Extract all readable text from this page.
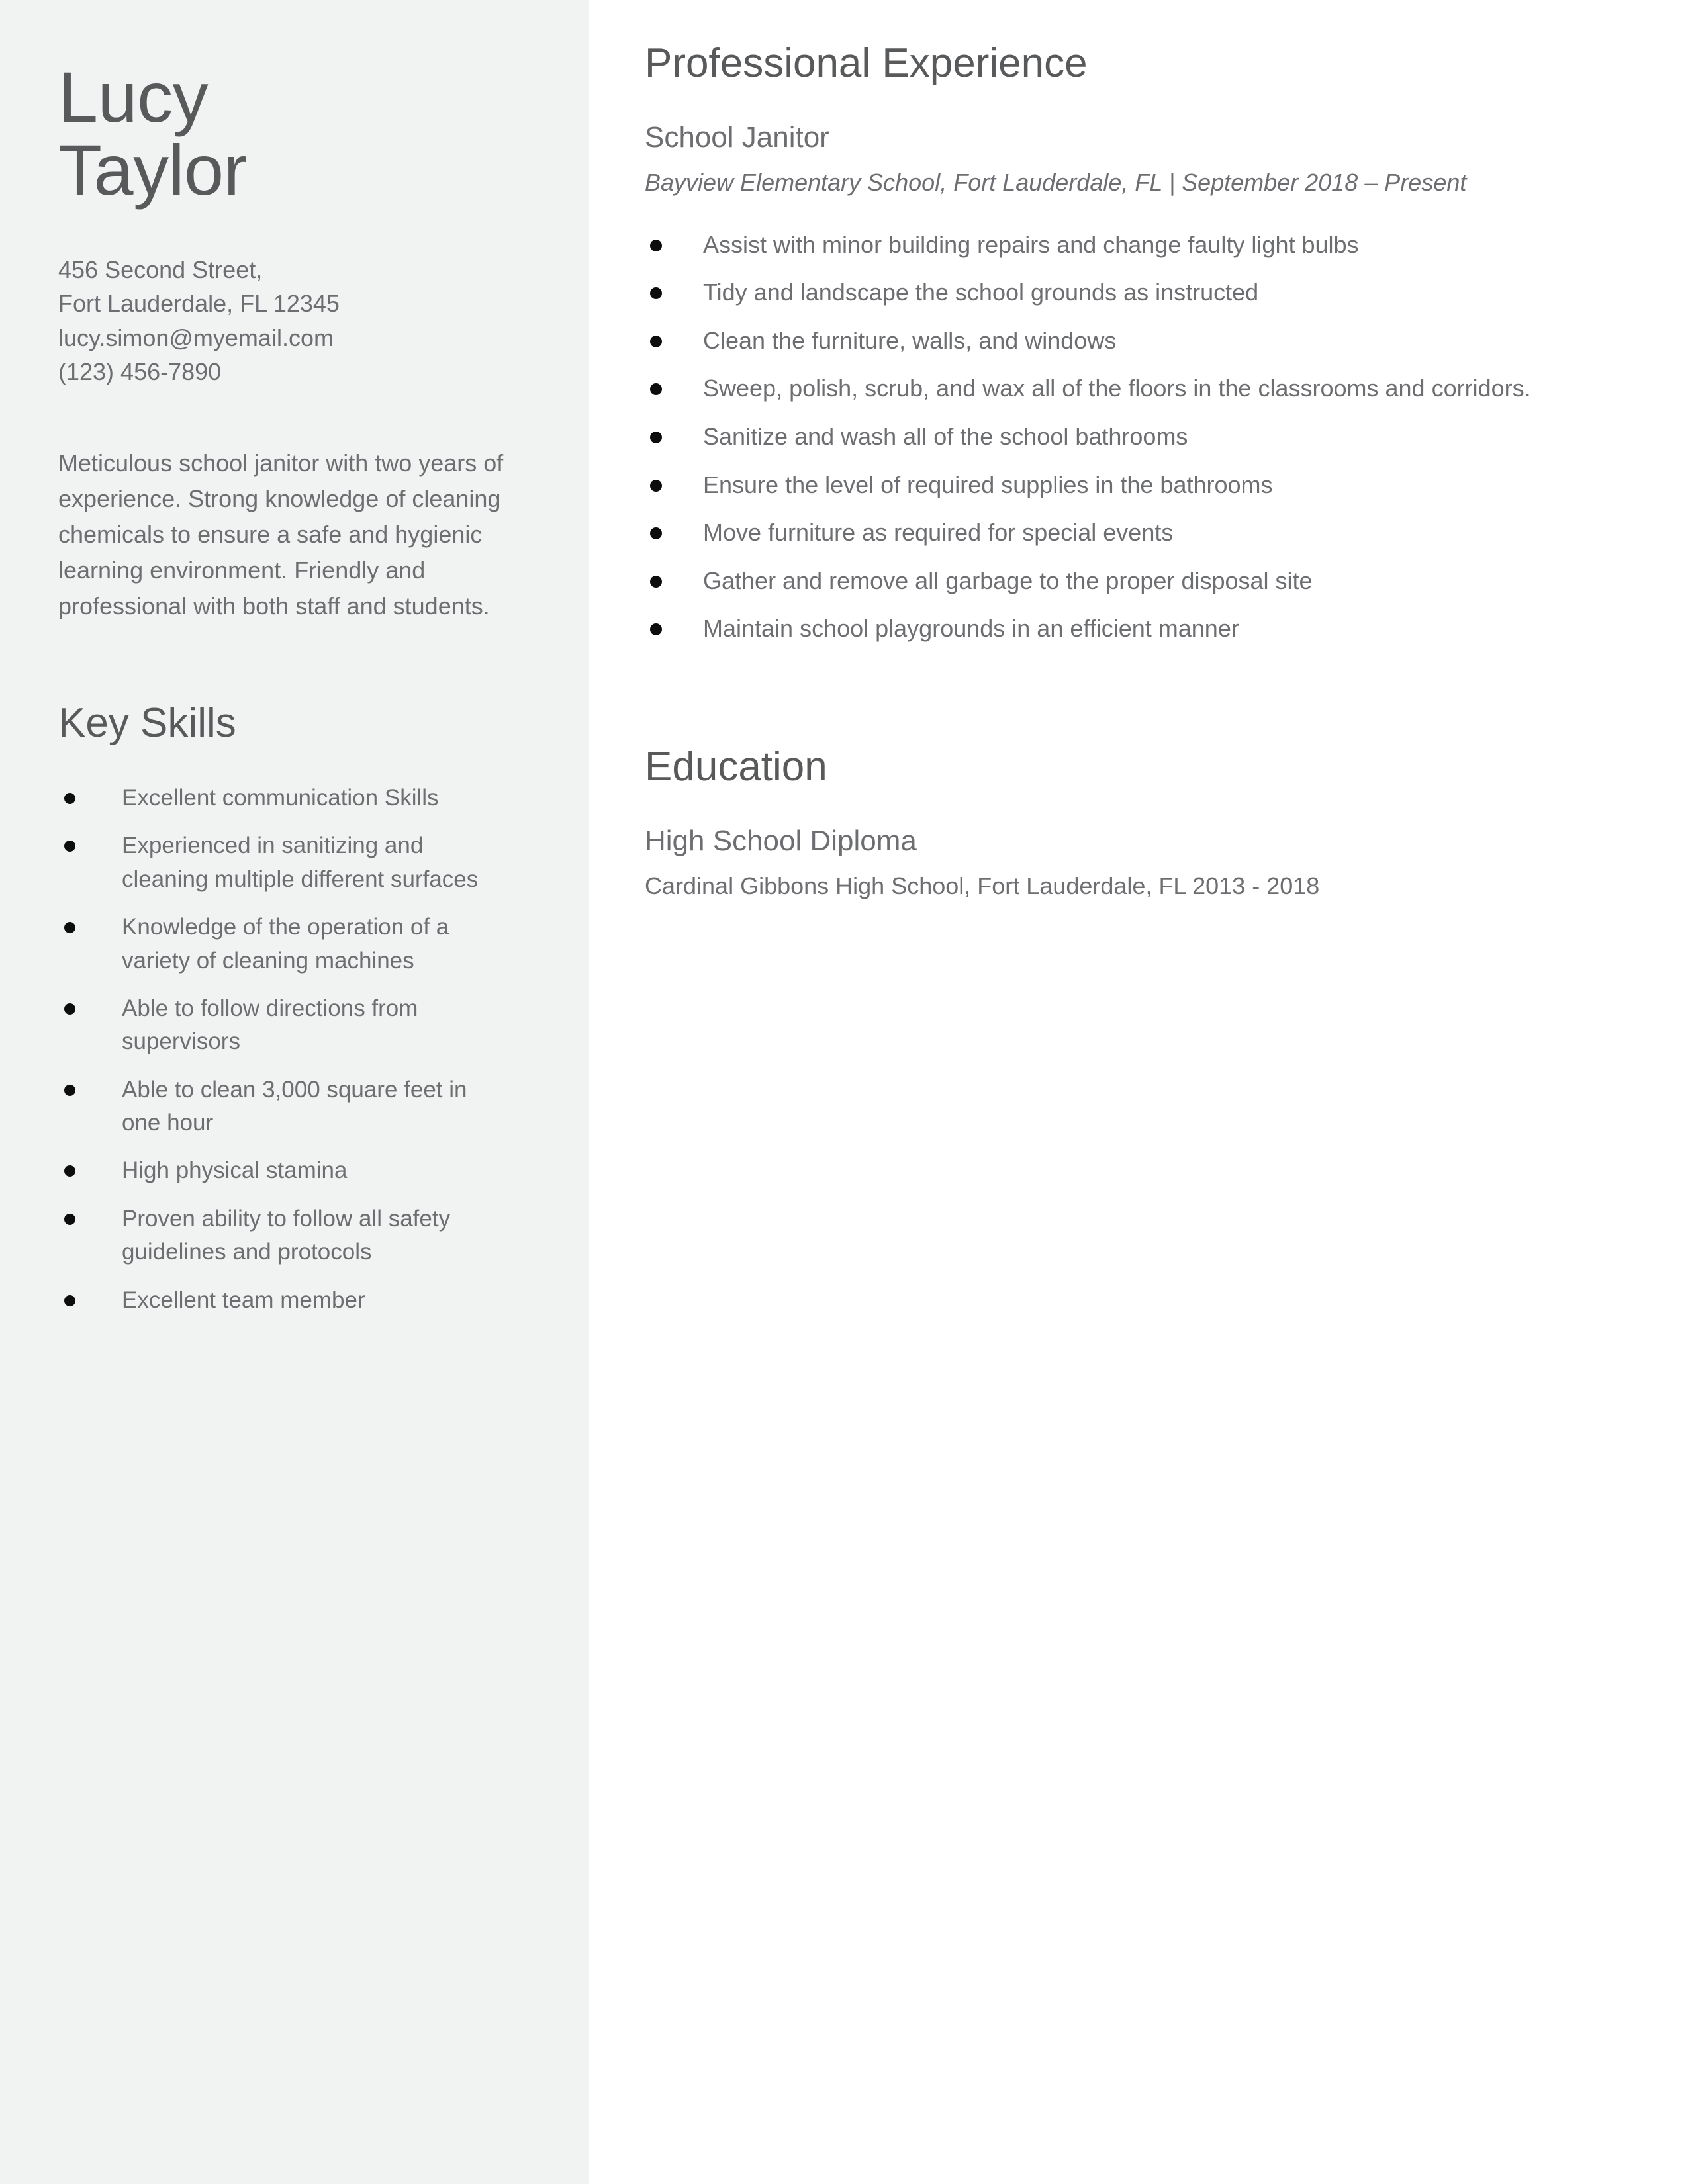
Lucy
Taylor
456 Second Street,
Fort Lauderdale, FL 12345
lucy.simon@myemail.com
(123) 456-7890

Meticulous school janitor with two years of experience. Strong knowledge of cleaning chemicals to ensure a safe and hygienic learning environment. Friendly and professional with both staff and students.

Key Skills
Excellent communication Skills
Experienced in sanitizing and cleaning multiple different surfaces
Knowledge of the operation of a variety of cleaning machines
Able to follow directions from supervisors
Able to clean 3,000 square feet in one hour
High physical stamina
Proven ability to follow all safety guidelines and protocols
Excellent team member
Professional Experience
School Janitor
Bayview Elementary School, Fort Lauderdale, FL | September 2018 – Present
Assist with minor building repairs and change faulty light bulbs
Tidy and landscape the school grounds as instructed
Clean the furniture, walls, and windows
Sweep, polish, scrub, and wax all of the floors in the classrooms and corridors.
Sanitize and wash all of the school bathrooms
Ensure the level of required supplies in the bathrooms
Move furniture as required for special events
Gather and remove all garbage to the proper disposal site
Maintain school playgrounds in an efficient manner
Education
High School Diploma
Cardinal Gibbons High School, Fort Lauderdale, FL 2013 - 2018
